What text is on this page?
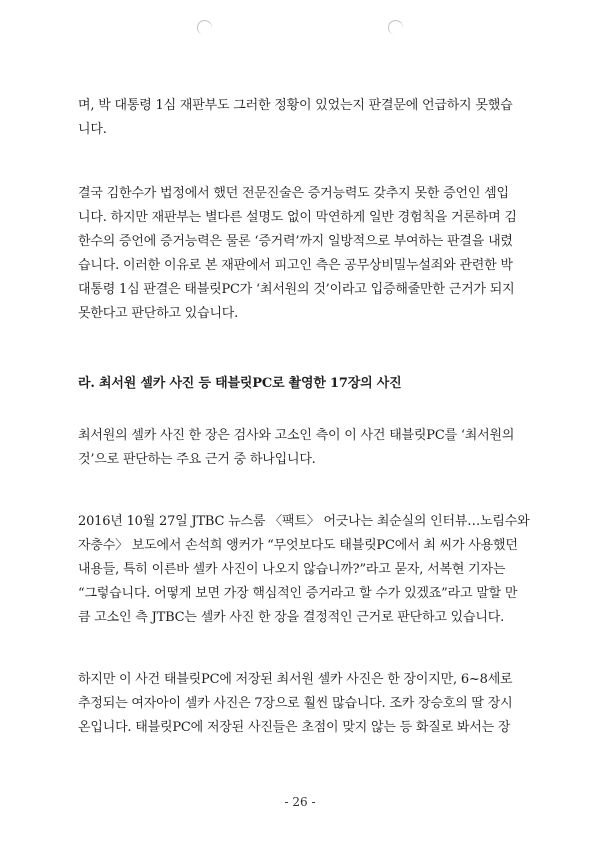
며, 박 대통령 1심 재판부도 그러한 정황이 있었는지 판결문에 언급하지 못했습
니다.

결국 김한수가 법정에서 했던 전문진술은 증거능력도 갖추지 못한 증언인 셈입
니다. 하지만 재판부는 별다른 설명도 없이 막연하게 일반 경험칙을 거론하며 김
한수의 증언에 증거능력은 물론 ‘증거력’까지 일방적으로 부여하는 판결을 내렸
습니다. 이러한 이유로 본 재판에서 피고인 측은 공무상비밀누설죄와 관련한 박
대통령 1심 판결은 태블릿PC가 ‘최서원의 것’이라고 입증해줄만한 근거가 되지
못한다고 판단하고 있습니다.

라. 최서원 셀카 사진 등 태블릿PC로 촬영한 17장의 사진

최서원의 셀카 사진 한 장은 검사와 고소인 측이 이 사건 태블릿PC를 ‘최서원의
것’으로 판단하는 주요 근거 중 하나입니다.

2016년 10월 27일 JTBC 뉴스룸 〈팩트〉 어긋나는 최순실의 인터뷰…노림수와
자충수〉 보도에서 손석희 앵커가 “무엇보다도 태블릿PC에서 최 씨가 사용했던
내용들, 특히 이른바 셀카 사진이 나오지 않습니까?”라고 묻자, 서복현 기자는
“그렇습니다. 어떻게 보면 가장 핵심적인 증거라고 할 수가 있겠죠”라고 말할 만
큼 고소인 측 JTBC는 셀카 사진 한 장을 결정적인 근거로 판단하고 있습니다.

하지만 이 사건 태블릿PC에 저장된 최서원 셀카 사진은 한 장이지만, 6~8세로
추정되는 여자아이 셀카 사진은 7장으로 훨씬 많습니다. 조카 장승호의 딸 장시
온입니다. 태블릿PC에 저장된 사진들은 초점이 맞지 않는 등 화질로 봐서는 장

- 26 -
